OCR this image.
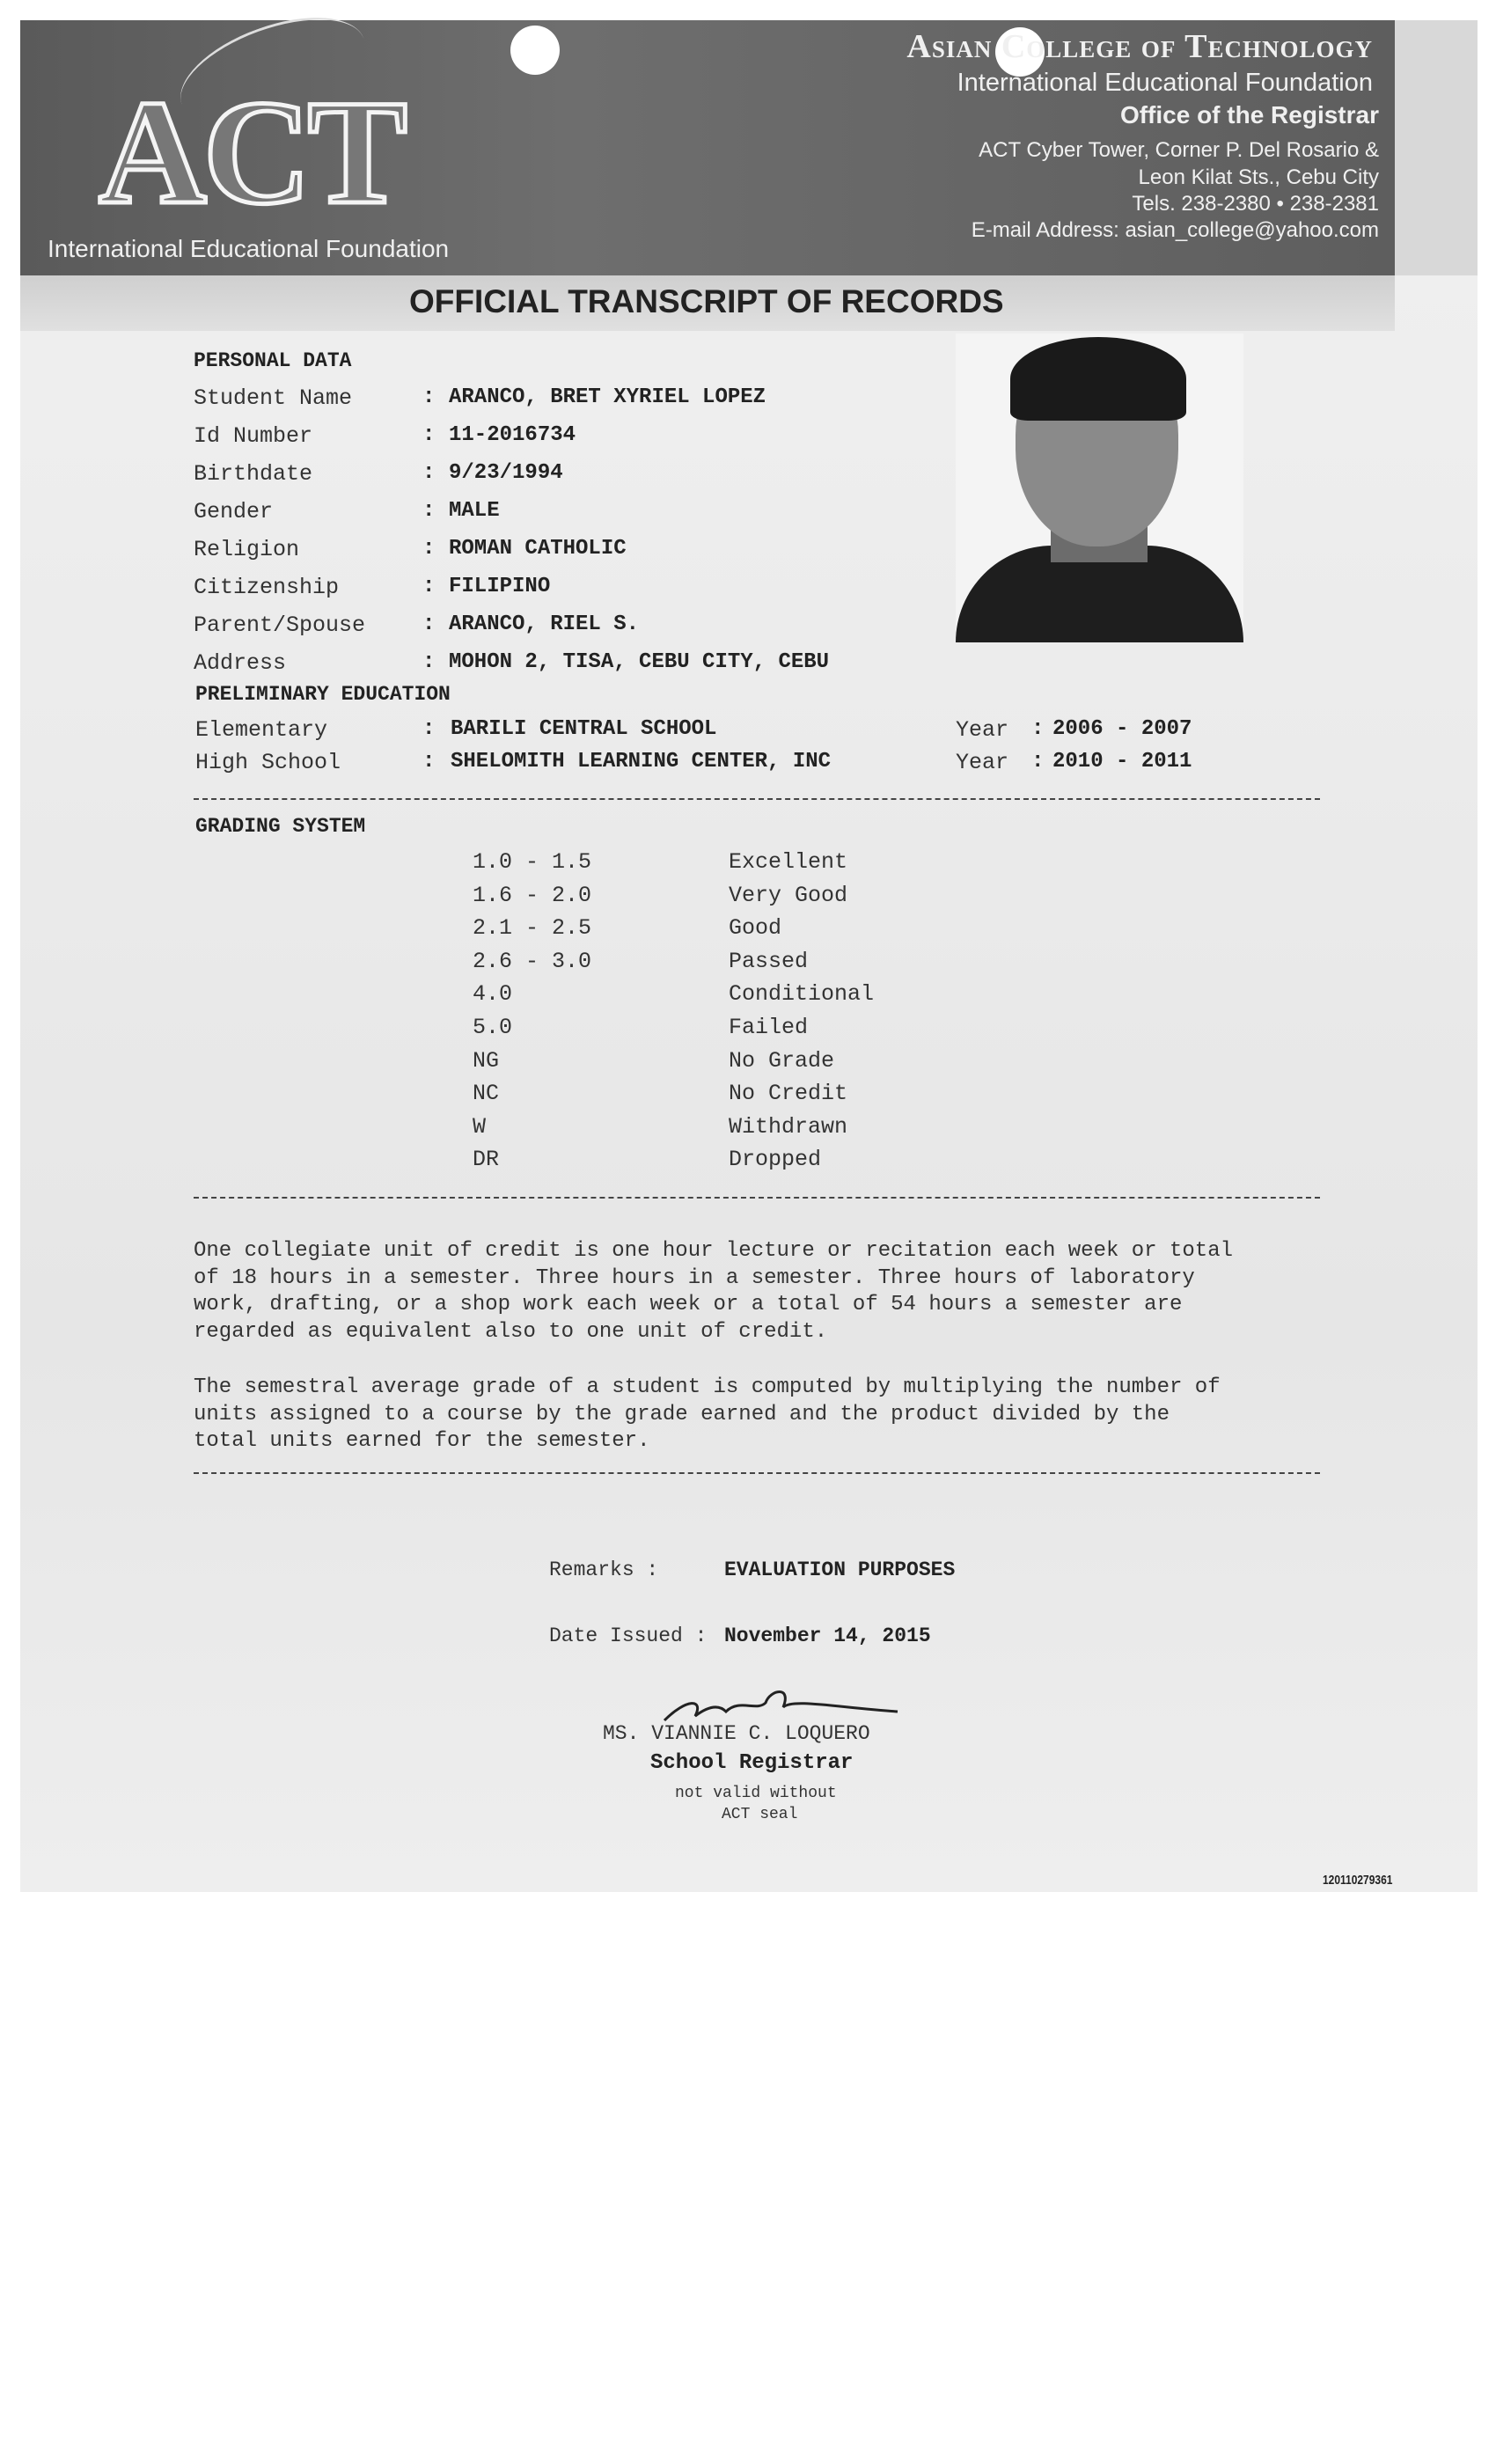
ACT
International Educational Foundation
Asian College of Technology
International Educational Foundation
Office of the Registrar
ACT Cyber Tower, Corner P. Del Rosario &
Leon Kilat Sts., Cebu City
Tels. 238-2380 • 238-2381
E-mail Address: asian_college@yahoo.com
OFFICIAL TRANSCRIPT OF RECORDS
PERSONAL DATA
Student Name	: ARANCO, BRET XYRIEL LOPEZ
Id Number	: 11-2016734
Birthdate	: 9/23/1994
Gender	: MALE
Religion	: ROMAN CATHOLIC
Citizenship	: FILIPINO
Parent/Spouse	: ARANCO, RIEL S.
Address	: MOHON 2, TISA, CEBU CITY, CEBU
Elementary	: BARILI CENTRAL SCHOOL	Year : 2006 - 2007
High School	: SHELOMITH LEARNING CENTER, INC	Year : 2010 - 2011
PRELIMINARY EDUCATION
GRADING SYSTEM
1.0 - 1.5	Excellent
1.6 - 2.0	Very Good
2.1 - 2.5	Good
2.6 - 3.0	Passed
4.0	Conditional
5.0	Failed
NG	No Grade
NC	No Credit
W	Withdrawn
DR	Dropped
One collegiate unit of credit is one hour lecture or recitation each week or total
of 18 hours in a semester. Three hours in a semester. Three hours of laboratory
work, drafting, or a shop work each week or a total of 54 hours a semester are
regarded as equivalent also to one unit of credit.
The semestral average grade of a student is computed by multiplying the number of
units assigned to a course by the grade earned and the product divided by the
total units earned for the semester.
Remarks :	EVALUATION PURPOSES
Date Issued : November 14, 2015
MS. VIANNIE C. LOQUERO
School Registrar
not valid without
ACT seal
120110279361
